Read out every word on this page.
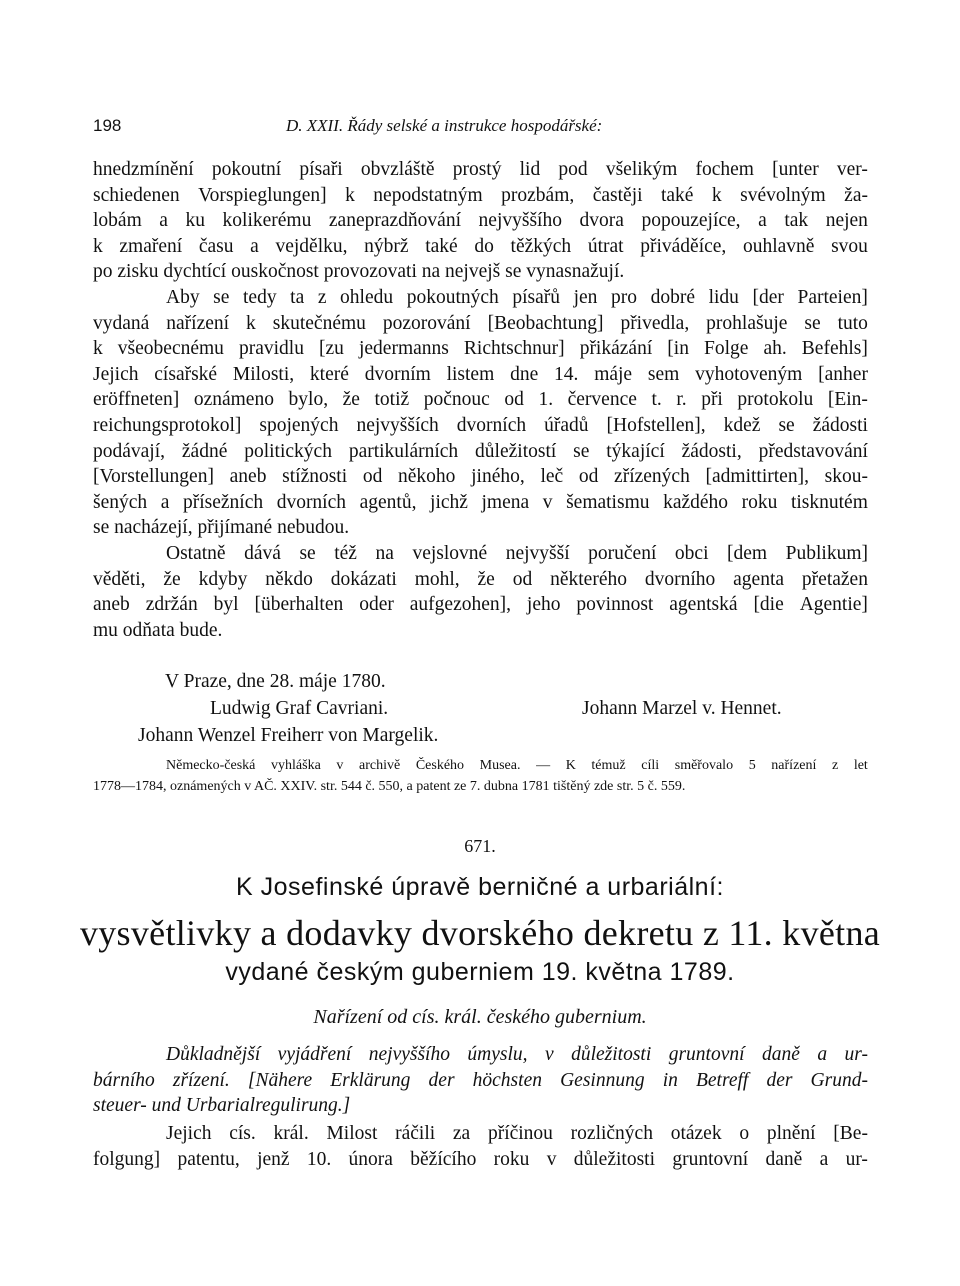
198	D. XXII. Řády selské a instrukce hospodářské:
hnedzmínění pokoutní písaři obvzláště prostý lid pod všelikým fochem [unter ver-
schiedenen Vorspieglungen] k nepodstatným prozbám, častěji také k svévolným ža-
lobám a ku kolikerému zaneprazdňování nejvyššího dvora popouzejíce, a tak nejen
k zmaření času a vejdělku, nýbrž také do těžkých útrat přiváděíce, ouhlavně svou
po zisku dychtící ouskočnost provozovati na nejvejš se vynasnažují.
Aby se tedy ta z ohledu pokoutných písařů jen pro dobré lidu [der Parteien]
vydaná nařízení k skutečnému pozorování [Beobachtung] přivedla, prohlašuje se tuto
k všeobecnému pravidlu [zu jedermanns Richtschnur] přikázání [in Folge ah. Befehls]
Jejich císařské Milosti, které dvorním listem dne 14. máje sem vyhotoveným [anher
eröffneten] oznámeno bylo, že totiž počnouc od 1. července t. r. při protokolu [Ein-
reichungsprotokol] spojených nejvyšších dvorních úřadů [Hofstellen], kdež se žádosti
podávají, žádné politických partikulárních důležitostí se týkající žádosti, představování
[Vorstellungen] aneb stížnosti od někoho jiného, leč od zřízených [admittirten], skou-
šených a přísežních dvorních agentů, jichž jmena v šematismu každého roku tisknutém
se nacházejí, přijímané nebudou.
Ostatně dává se též na vejslovné nejvyšší poručení obci [dem Publikum]
věděti, že kdyby někdo dokázati mohl, že od některého dvorního agenta přetažen
aneb zdržán byl [überhalten oder aufgezohen], jeho povinnost agentská [die Agentie]
mu odňata bude.
V Praze, dne 28. máje 1780.
Ludwig Graf Cavriani.	Johann Marzel v. Hennet.
Johann Wenzel Freiherr von Margelik.
Německo-česká vyhláška v archivě Českého Musea. — K témuž cíli směřovalo 5 nařízení z let
1778—1784, oznámených v AČ. XXIV. str. 544 č. 550, a patent ze 7. dubna 1781 tištěný zde str. 5 č. 559.
671.
K Josefinské úpravě berničné a urbariální:
vysvětlivky a dodavky dvorského dekretu z 11. května
vydané českým guberniem 19. května 1789.
Nařízení od cís. král. českého gubernium.
Důkladnější vyjádření nejvyššího úmyslu, v důležitosti gruntovní daně a ur-
bárního zřízení. [Nähere Erklärung der höchsten Gesinnung in Betreff der Grund-
steuer- und Urbarialregulirung.]
Jejich cís. král. Milost ráčili za příčinou rozličných otázek o plnění [Be-
folgung] patentu, jenž 10. února běžícího roku v důležitosti gruntovní daně a ur-
